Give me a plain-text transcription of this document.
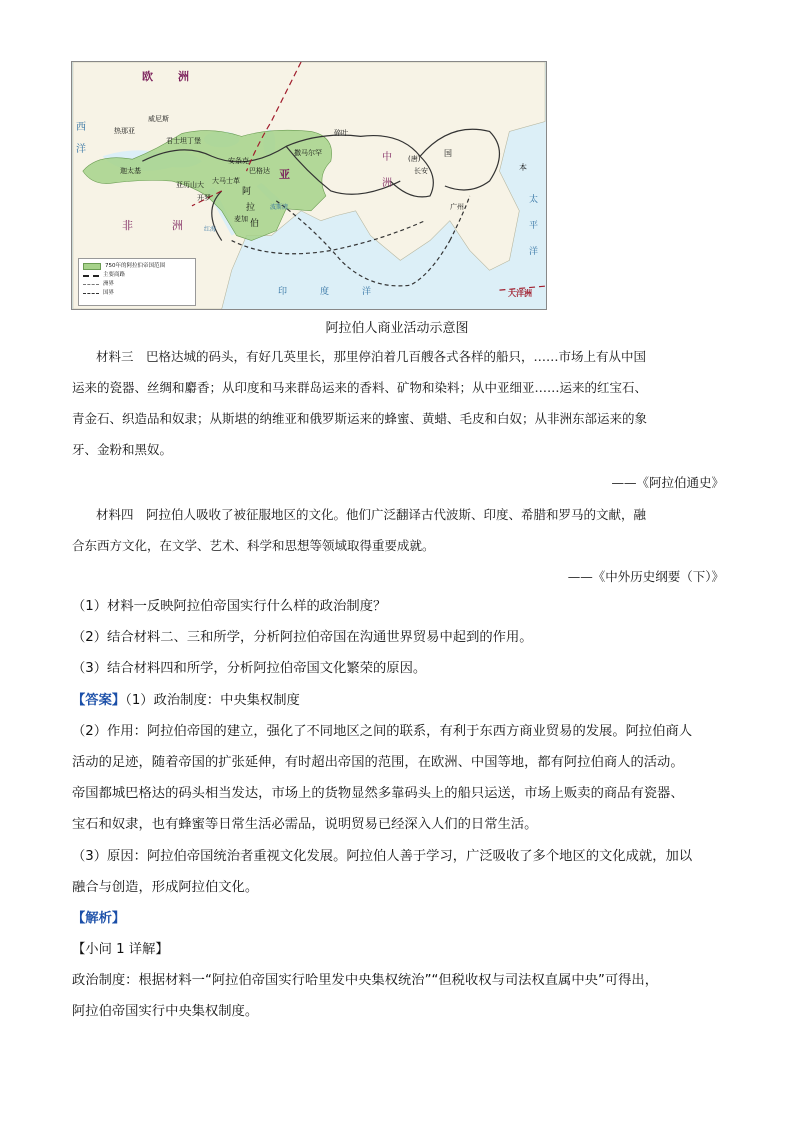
欧　　洲
西
洋
威尼斯
热那亚
君士坦丁堡
迦太基
安条克
大马士革
巴格达
亚历山大
开罗
麦加
亚
撒马尔罕
碎叶
中
洲
(唐)
国
长安
广州
本
太
平
洋
大洋洲
阿
拉
伯
非	洲
印	度	洋
红海
波斯湾
750年的阿拉伯帝国范围
主要商路
洲界
国界
阿拉伯人商业活动示意图
材料三　巴格达城的码头，有好几英里长，那里停泊着几百艘各式各样的船只，……市场上有从中国
运来的瓷器、丝绸和麝香；从印度和马来群岛运来的香料、矿物和染料；从中亚细亚……运来的红宝石、
青金石、织造品和奴隶；从斯堪的纳维亚和俄罗斯运来的蜂蜜、黄蜡、毛皮和白奴；从非洲东部运来的象
牙、金粉和黑奴。
——《阿拉伯通史》
材料四　阿拉伯人吸收了被征服地区的文化。他们广泛翻译古代波斯、印度、希腊和罗马的文献，融
合东西方文化，在文学、艺术、科学和思想等领域取得重要成就。
——《中外历史纲要（下）》
（1）材料一反映阿拉伯帝国实行什么样的政治制度？
（2）结合材料二、三和所学，分析阿拉伯帝国在沟通世界贸易中起到的作用。
（3）结合材料四和所学，分析阿拉伯帝国文化繁荣的原因。
【答案】（1）政治制度：中央集权制度
（2）作用：阿拉伯帝国的建立，强化了不同地区之间的联系，有利于东西方商业贸易的发展。阿拉伯商人
活动的足迹，随着帝国的扩张延伸，有时超出帝国的范围，在欧洲、中国等地，都有阿拉伯商人的活动。
帝国都城巴格达的码头相当发达，市场上的货物显然多靠码头上的船只运送，市场上贩卖的商品有瓷器、
宝石和奴隶，也有蜂蜜等日常生活必需品，说明贸易已经深入人们的日常生活。
（3）原因：阿拉伯帝国统治者重视文化发展。阿拉伯人善于学习，广泛吸收了多个地区的文化成就，加以
融合与创造，形成阿拉伯文化。
【解析】
【小问 1 详解】
政治制度：根据材料一“阿拉伯帝国实行哈里发中央集权统治”“但税收权与司法权直属中央”可得出，
阿拉伯帝国实行中央集权制度。
